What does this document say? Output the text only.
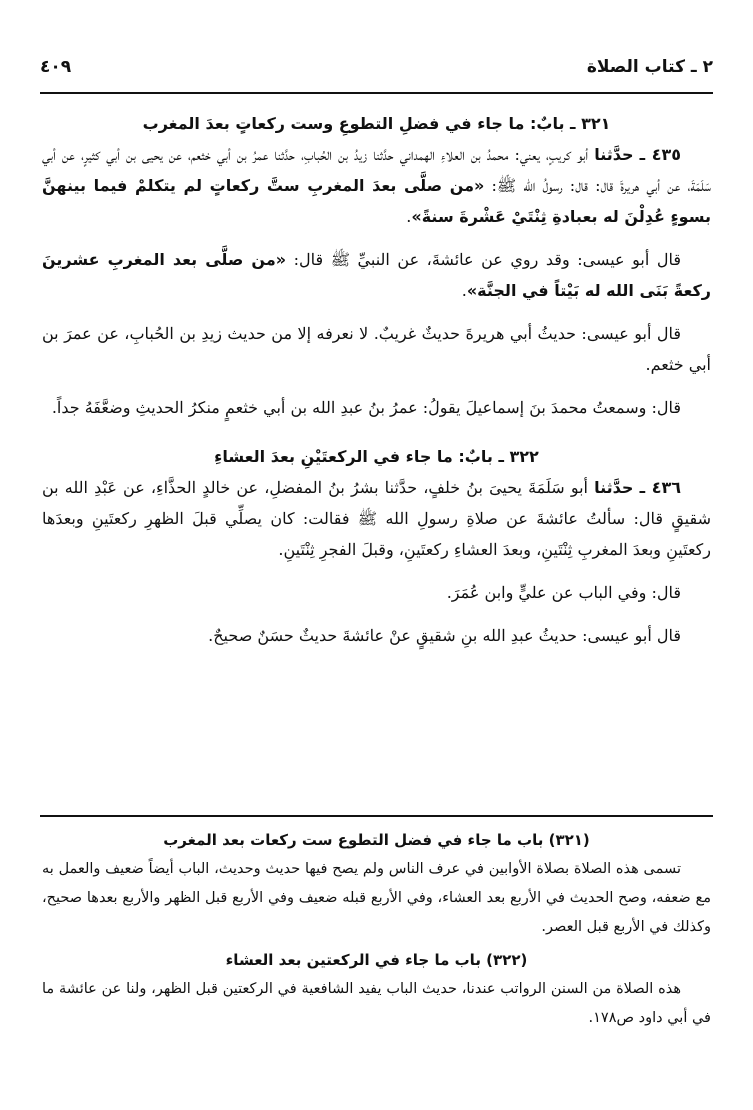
٢ ـ كتاب الصلاة
٤٠٩

٣٢١ ـ بابٌ: ما جاء في فضلِ التطوعِ وست ركعاتٍ بعدَ المغرب

٤٣٥ ـ حدَّثنا أبو كريبٍ، يعني: محمدُ بن العلاءِ الهمداني حدَّثنا زيدُ بن الحُبابِ، حدَّثنا عمرُ بن أبي خثعم، عن يحيى بن أبي كثيرٍ، عن أبي سَلَمَةَ، عن أبي هريرةَ قال: قال: رسولُ الله ﷺ: «من صلَّى بعدَ المغربِ ستَّ ركعاتٍ لم يتكلمْ فيما بينهنَّ بسوءٍ عُدِلْنَ له بعبادةِ ثِنْتَيْ عَشْرةَ سنةً».

قال أبو عيسى: وقد روي عن عائشةَ، عن النبيِّ ﷺ قال: «من صلَّى بعد المغربِ عشرينَ ركعةً بَنَى الله له بَيْتاً في الجنَّة».

قال أبو عيسى: حديثُ أبي هريرةَ حديثٌ غريبٌ. لا نعرفه إلا من حديث زيدِ بن الحُبابِ، عن عمرَ بن أبي خثعم.

قال: وسمعتُ محمدَ بنَ إسماعيلَ يقولُ: عمرُ بنُ عبدِ الله بن أبي خثعمٍ منكرُ الحديثِ وضعَّفَهُ جداً.

٣٢٢ ـ بابٌ: ما جاء في الركعتَيْنِ بعدَ العشاءِ

٤٣٦ ـ حدَّثنا أبو سَلَمَةَ يحيىَ بنُ خلفٍ، حدَّثنا بشرُ بنُ المفضلِ، عن خالدٍ الحذَّاءِ، عن عَبْدِ الله بن شقيقٍ قال: سألتُ عائشةَ عن صلاةِ رسولِ الله ﷺ فقالت: كان يصلِّي قبلَ الظهرِ ركعتَينِ وبعدَها ركعتَينِ وبعدَ المغربِ ثِنْتَينِ، وبعدَ العشاءِ ركعتَينِ، وقبلَ الفجرِ ثِنْتَينِ.

قال: وفي الباب عن عليٍّ وابن عُمَرَ.

قال أبو عيسى: حديثُ عبدِ الله بنِ شقيقٍ عنْ عائشةَ حديثٌ حسَنٌ صحيحٌ.

(٣٢١) باب ما جاء في فضل التطوع ست ركعات بعد المغرب

تسمى هذه الصلاة بصلاة الأوابين في عرف الناس ولم يصح فيها حديث وحديث، الباب أيضاً ضعيف والعمل به مع ضعفه، وصح الحديث في الأربع بعد العشاء، وفي الأربع قبله ضعيف وفي الأربع قبل الظهر والأربع بعدها صحيح، وكذلك في الأربع قبل العصر.

(٣٢٢) باب ما جاء في الركعتين بعد العشاء

هذه الصلاة من السنن الرواتب عندنا، حديث الباب يفيد الشافعية في الركعتين قبل الظهر، ولنا عن عائشة ما في أبي داود ص١٧٨.
